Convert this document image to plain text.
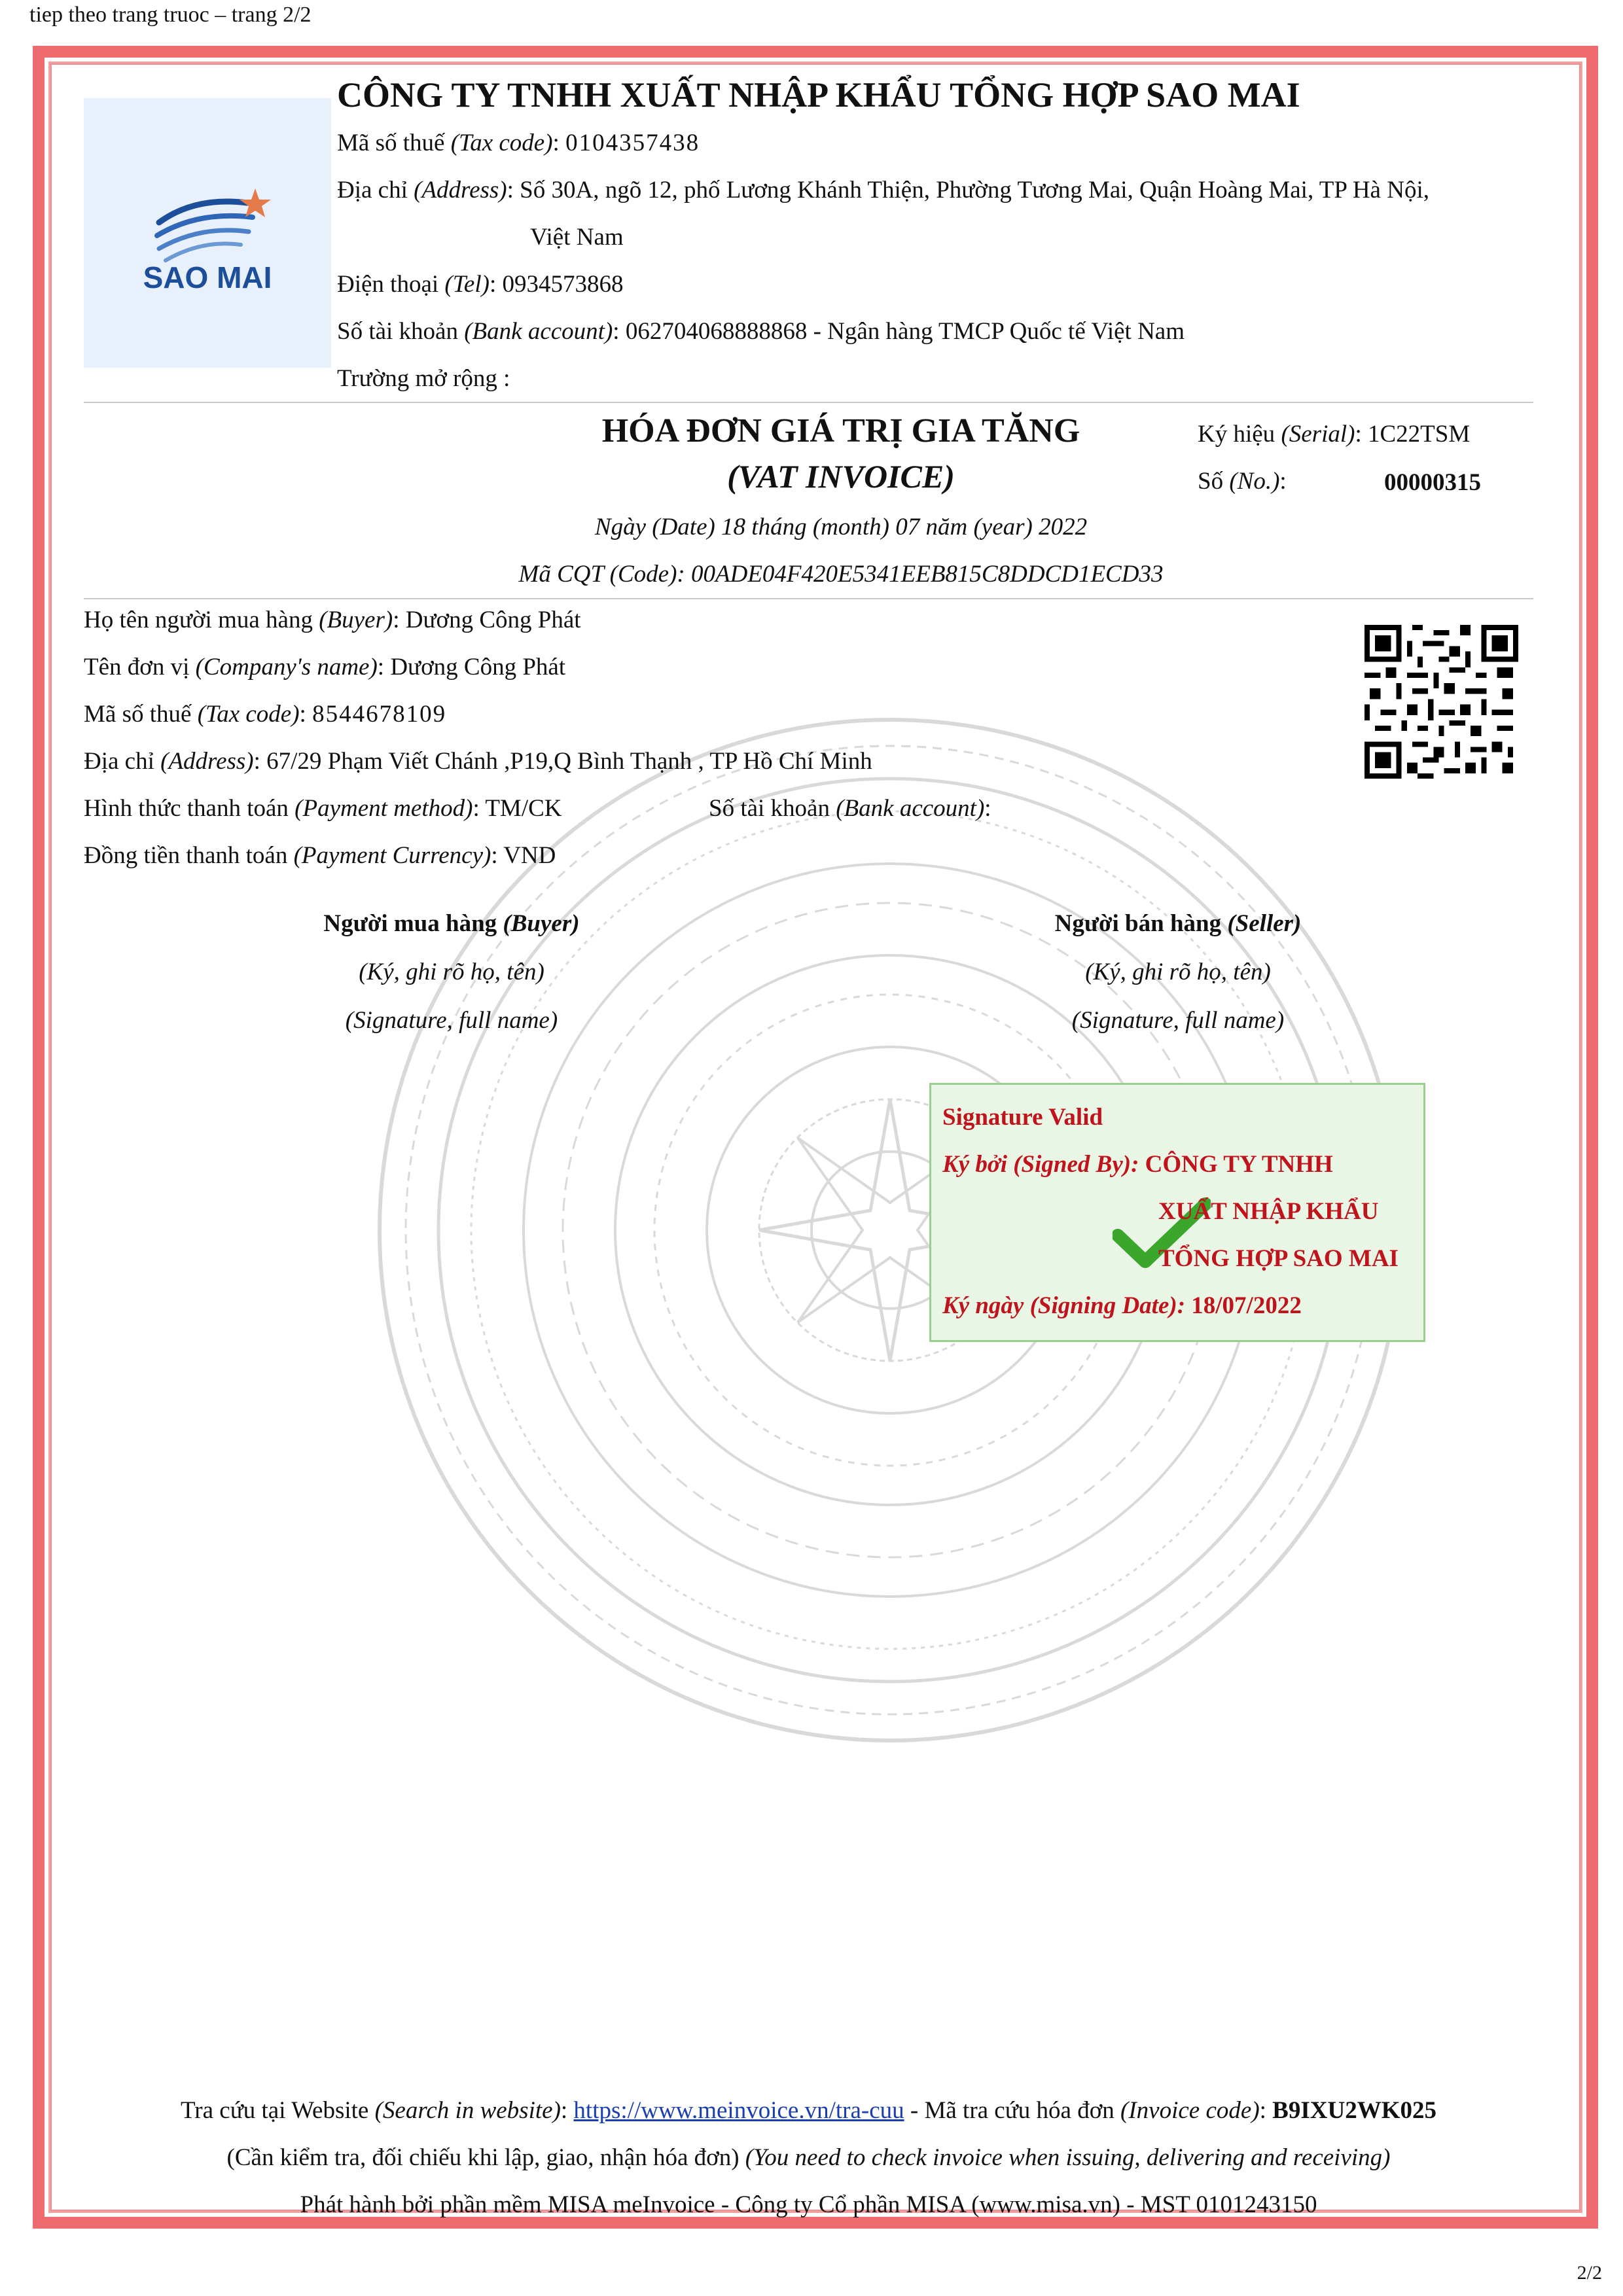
tiep theo trang truoc – trang 2/2
SAO MAI
CÔNG TY TNHH XUẤT NHẬP KHẨU TỔNG HỢP SAO MAI
Mã số thuế (Tax code): 0104357438
Địa chỉ (Address): Số 30A, ngõ 12, phố Lương Khánh Thiện, Phường Tương Mai, Quận Hoàng Mai, TP Hà Nội,
Việt Nam
Điện thoại (Tel): 0934573868
Số tài khoản (Bank account): 062704068888868 - Ngân hàng TMCP Quốc tế Việt Nam
Trường mở rộng :
HÓA ĐƠN GIÁ TRỊ GIA TĂNG
(VAT INVOICE)
Ký hiệu (Serial): 1C22TSM
Số (No.):	00000315
Ngày (Date) 18 tháng (month) 07 năm (year) 2022
Mã CQT (Code): 00ADE04F420E5341EEB815C8DDCD1ECD33
Họ tên người mua hàng (Buyer): Dương Công Phát
Tên đơn vị (Company's name): Dương Công Phát
Mã số thuế (Tax code): 8544678109
Địa chỉ (Address): 67/29 Phạm Viết Chánh ,P19,Q Bình Thạnh , TP Hồ Chí Minh
Hình thức thanh toán (Payment method): TM/CK	Số tài khoản (Bank account):
Đồng tiền thanh toán (Payment Currency): VND
Người mua hàng (Buyer)
(Ký, ghi rõ họ, tên)
(Signature, full name)
Người bán hàng (Seller)
(Ký, ghi rõ họ, tên)
(Signature, full name)
Signature Valid
Ký bởi (Signed By): CÔNG TY TNHH
XUẤT NHẬP KHẨU
TỔNG HỢP SAO MAI
Ký ngày (Signing Date): 18/07/2022
Tra cứu tại Website (Search in website): https://www.meinvoice.vn/tra-cuu - Mã tra cứu hóa đơn (Invoice code): B9IXU2WK025
(Cần kiểm tra, đối chiếu khi lập, giao, nhận hóa đơn) (You need to check invoice when issuing, delivering and receiving)
Phát hành bởi phần mềm MISA meInvoice - Công ty Cổ phần MISA (www.misa.vn) - MST 0101243150
2/2
